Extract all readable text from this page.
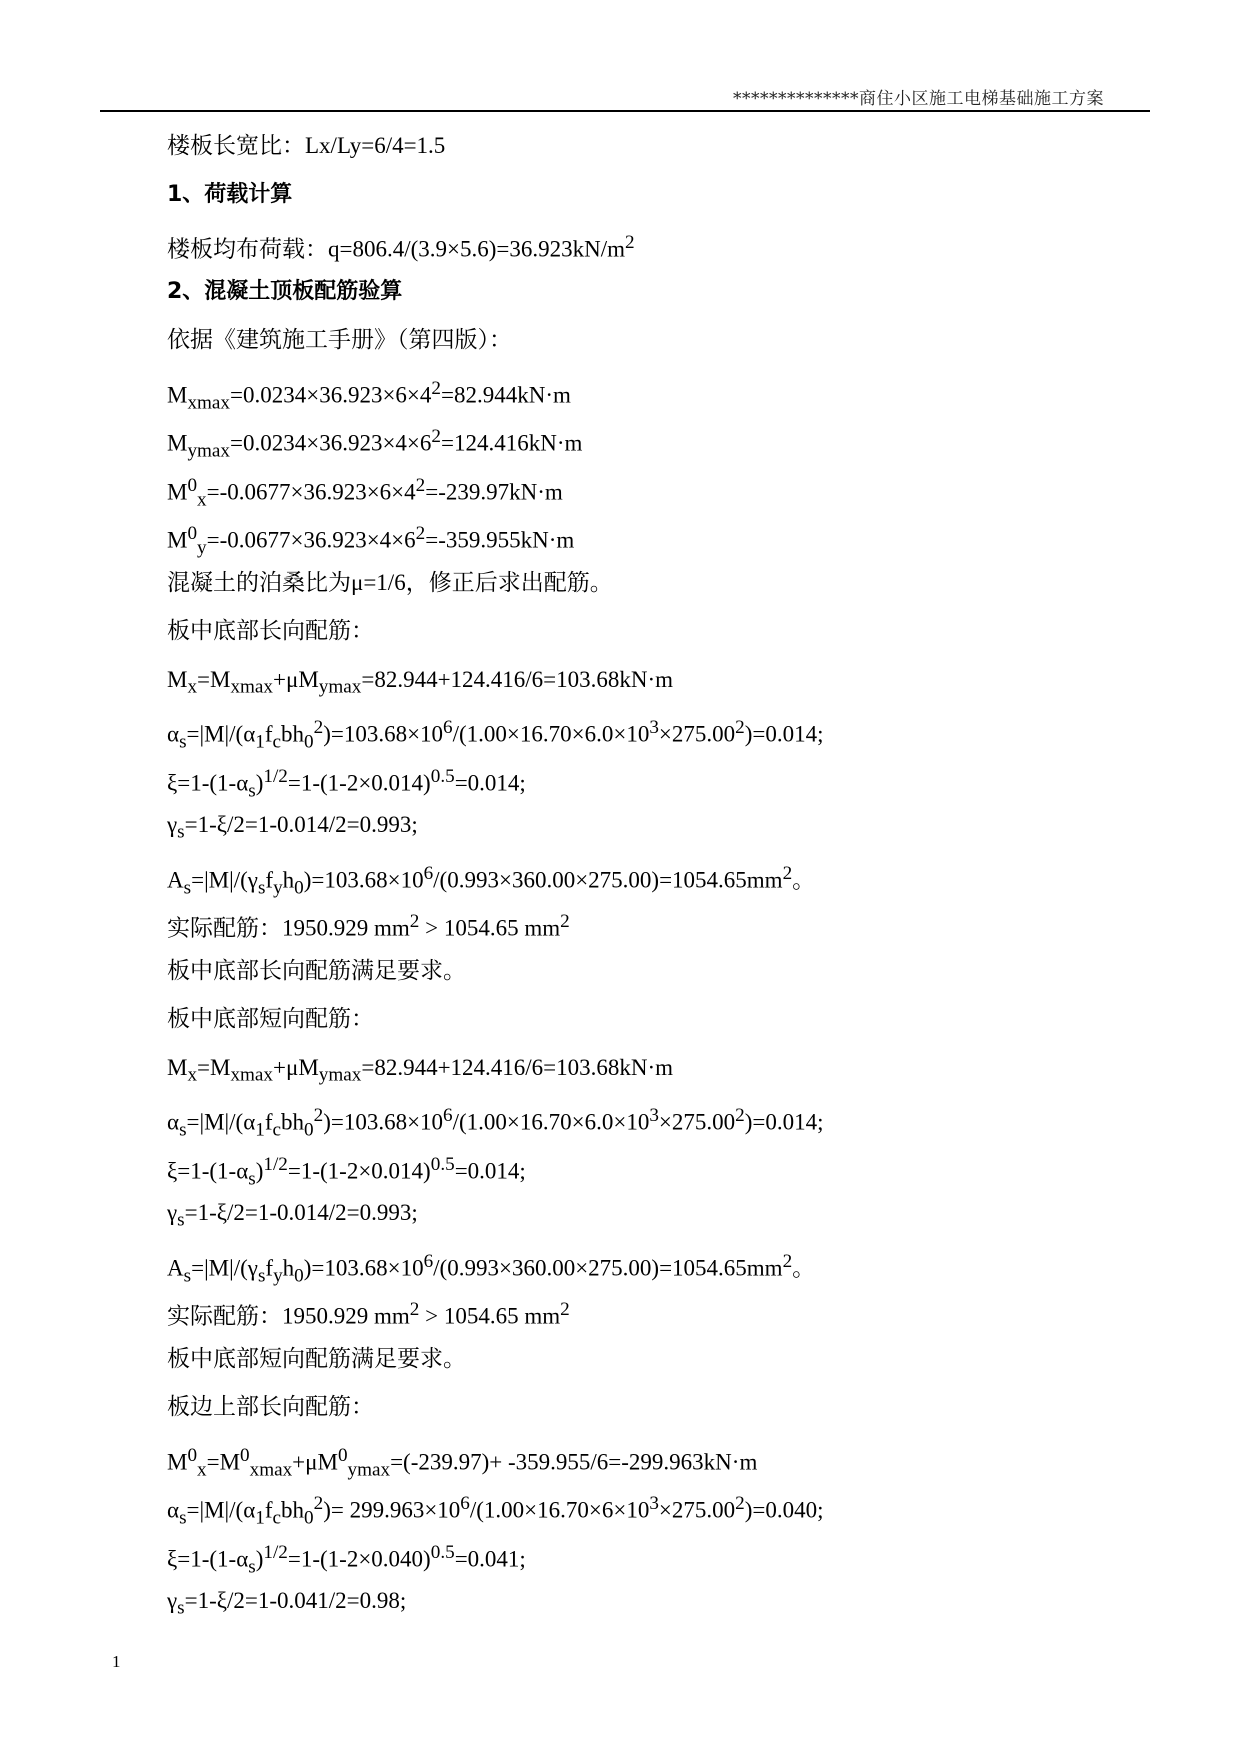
**************商住小区施工电梯基础施工方案
楼板长宽比：Lx/Ly=6/4=1.5
1、荷载计算
楼板均布荷载：$q=806.4/(3.9\times 5.6)=36.923kN/m^2$
2、混凝土顶板配筋验算
依据《建筑施工手册》（第四版）：
$M_{xmax}=0.0234\times 36.923\times 6\times 4^2=82.944kN\cdot m$
$M_{ymax}=0.0234\times 36.923\times 4\times 6^2=124.416kN\cdot m$
$M^0_x=-0.0677\times 36.923\times 6\times 4^2=-239.97kN\cdot m$
$M^0_y=-0.0677\times 36.923\times 4\times 6^2=-359.955kN\cdot m$
混凝土的泊桑比为μ=1/6，修正后求出配筋。
板中底部长向配筋：
$M_x=M_{xmax}+\mu M_{ymax}=82.944+124.416/6=103.68kN\cdot m$
$\alpha_s=|M|/(\alpha_1f_cbh_0^2)=103.68\times 10^6/(1.00\times 16.70\times 6.0\times 10^3\times 275.00^2)=0.014$;
$\xi=1-(1-\alpha_s)^{1/2}=1-(1-2\times 0.014)^{0.5}=0.014$;
$\gamma_s=1-\xi/2=1-0.014/2=0.993$;
$A_s=|M|/(\gamma_sf_yh_0)=103.68\times 10^6/(0.993\times 360.00\times 275.00)=1054.65mm^2$。
实际配筋：1950.929 $mm^2 > 1054.65$ $mm^2$
板中底部长向配筋满足要求。
板中底部短向配筋：
$M_x=M_{xmax}+\mu M_{ymax}=82.944+124.416/6=103.68kN\cdot m$
$\alpha_s=|M|/(\alpha_1f_cbh_0^2)=103.68\times 10^6/(1.00\times 16.70\times 6.0\times 10^3\times 275.00^2)=0.014$;
$\xi=1-(1-\alpha_s)^{1/2}=1-(1-2\times 0.014)^{0.5}=0.014$;
$\gamma_s=1-\xi/2=1-0.014/2=0.993$;
$A_s=|M|/(\gamma_sf_yh_0)=103.68\times 10^6/(0.993\times 360.00\times 275.00)=1054.65mm^2$。
实际配筋：1950.929 $mm^2 > 1054.65$ $mm^2$
板中底部短向配筋满足要求。
板边上部长向配筋：
$M^0_x=M^0_{xmax}+\mu M^0_{ymax}=(-239.97)+ -359.955/6=-299.963kN\cdot m$
$\alpha_s=|M|/(\alpha_1f_cbh_0^2)= 299.963\times 10^6/(1.00\times 16.70\times 6\times 10^3\times 275.00^2)=0.040$;
$\xi=1-(1-\alpha_s)^{1/2}=1-(1-2\times 0.040)^{0.5}=0.041$;
$\gamma_s=1-\xi/2=1-0.041/2=0.98$;
1
